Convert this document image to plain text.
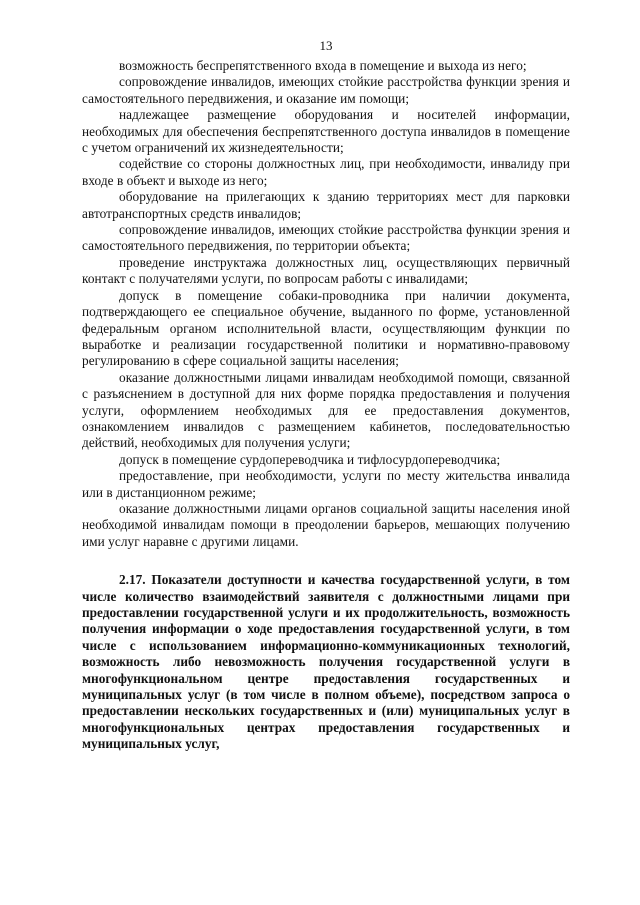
13

возможность беспрепятственного входа в помещение и выхода из него;

сопровождение инвалидов, имеющих стойкие расстройства функции зрения и самостоятельного передвижения, и оказание им помощи;

надлежащее размещение оборудования и носителей информации, необходимых для обеспечения беспрепятственного доступа инвалидов в помещение с учетом ограничений их жизнедеятельности;

содействие со стороны должностных лиц, при необходимости, инвалиду при входе в объект и выходе из него;

оборудование на прилегающих к зданию территориях мест для парковки автотранспортных средств инвалидов;

сопровождение инвалидов, имеющих стойкие расстройства функции зрения и самостоятельного передвижения, по территории объекта;

проведение инструктажа должностных лиц, осуществляющих первичный контакт с получателями услуги, по вопросам работы с инвалидами;

допуск в помещение собаки-проводника при наличии документа, подтверждающего ее специальное обучение, выданного по форме, установленной федеральным органом исполнительной власти, осуществляющим функции по выработке и реализации государственной политики и нормативно-правовому регулированию в сфере социальной защиты населения;

оказание должностными лицами инвалидам необходимой помощи, связанной с разъяснением в доступной для них форме порядка предоставления и получения услуги, оформлением необходимых для ее предоставления документов, ознакомлением инвалидов с размещением кабинетов, последовательностью действий, необходимых для получения услуги;

допуск в помещение сурдопереводчика и тифлосурдопереводчика;

предоставление, при необходимости, услуги по месту жительства инвалида или в дистанционном режиме;

оказание должностными лицами органов социальной защиты населения иной необходимой инвалидам помощи в преодолении барьеров, мешающих получению ими услуг наравне с другими лицами.

2.17. Показатели доступности и качества государственной услуги, в том числе количество взаимодействий заявителя с должностными лицами при предоставлении государственной услуги и их продолжительность, возможность получения информации о ходе предоставления государственной услуги, в том числе с использованием информационно-коммуникационных технологий, возможность либо невозможность получения государственной услуги в многофункциональном центре предоставления государственных и муниципальных услуг (в том числе в полном объеме), посредством запроса о предоставлении нескольких государственных и (или) муниципальных услуг в многофункциональных центрах предоставления государственных и муниципальных услуг,
